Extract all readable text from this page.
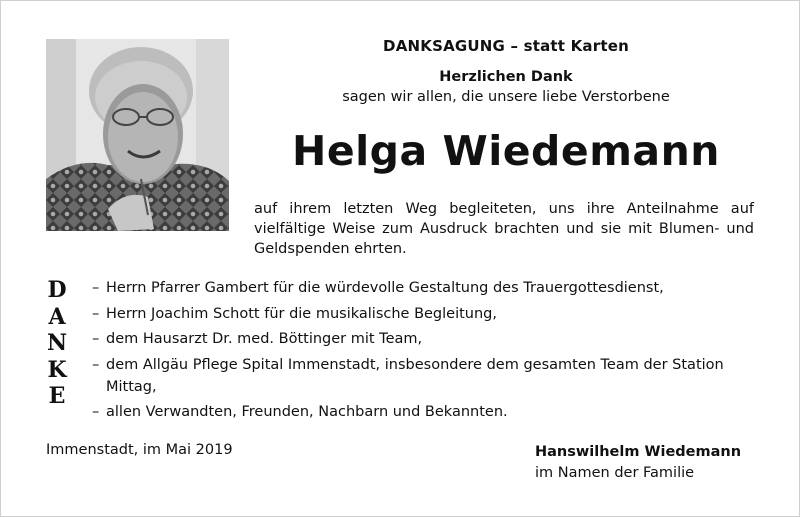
DANKSAGUNG – statt Karten
Herzlichen Dank
sagen wir allen, die unsere liebe Verstorbene
Helga Wiedemann
auf ihrem letzten Weg begleiteten, uns ihre Anteilnahme auf vielfältige Weise zum Ausdruck brachten und sie mit Blumen- und Geldspenden ehrten.
D
A
N
K
E
– Herrn Pfarrer Gambert für die würdevolle Gestaltung des Trauergottesdienst,
– Herrn Joachim Schott für die musikalische Begleitung,
– dem Hausarzt Dr. med. Böttinger mit Team,
– dem Allgäu Pflege Spital Immenstadt, insbesondere dem gesamten Team der Station Mittag,
– allen Verwandten, Freunden, Nachbarn und Bekannten.
Immenstadt, im Mai 2019	Hanswilhelm Wiedemann
im Namen der Familie
